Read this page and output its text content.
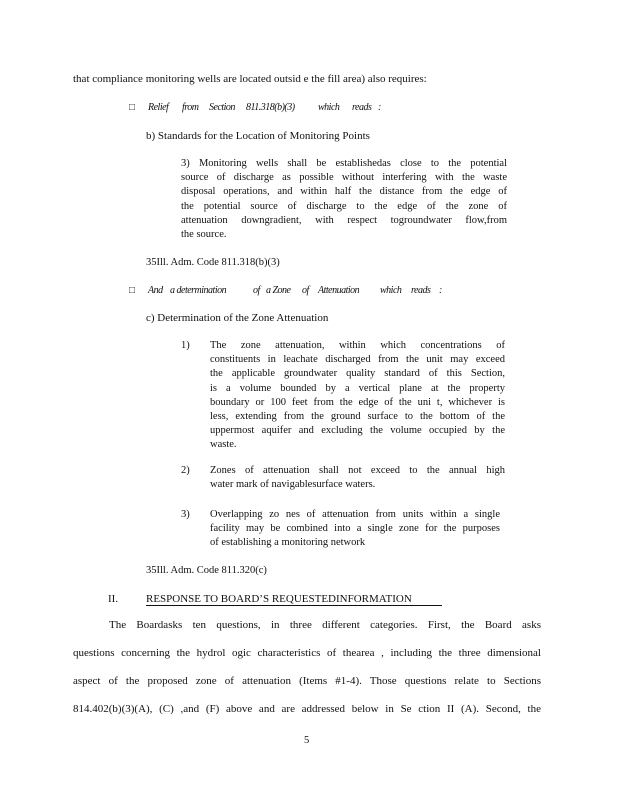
that compliance monitoring wells are located outsid e the fill area) also requires:
□ Relief from Section 811.318(b)(3) which reads :
b) Standards for the Location of Monitoring Points
3) Monitoring wells shall be establishedas close to the potential
source of discharge as possible without interfering with the waste
disposal operations, and within half the distance from the edge of
the potential source of discharge to the edge of the zone of
attenuation downgradient, with respect togroundwater flow,from
the source.
35Ill. Adm. Code 811.318(b)(3)
□ And a determination	of a Zone of Attenuation which reads :
c) Determination of the Zone Attenuation
1) The zone attenuation, within which concentrations of
constituents in leachate discharged from the unit may exceed
the applicable groundwater quality standard of this Section,
is a volume bounded by a vertical plane at the property
boundary or 100 feet from the edge of the uni t, whichever is
less, extending from the ground surface to the bottom of the
uppermost aquifer and excluding the volume occupied by the
waste.
2) Zones of attenuation shall not exceed to the annual high
water mark of navigablesurface waters.
3) Overlapping zo nes of attenuation from units within a single
facility may be combined into a single zone for the purposes
of establishing a monitoring network
35Ill. Adm. Code 811.320(c)
II.	RESPONSE TO BOARD’S REQUESTEDINFORMATION
The Boardasks ten questions, in three different categories. First, the Board asks
questions concerning the hydrol ogic characteristics of thearea , including the three dimensional
aspect of the proposed zone of attenuation (Items #1-4). Those questions relate to Sections
814.402(b)(3)(A), (C) ,and (F) above and are addressed below in Se ction II (A). Second, the
5
